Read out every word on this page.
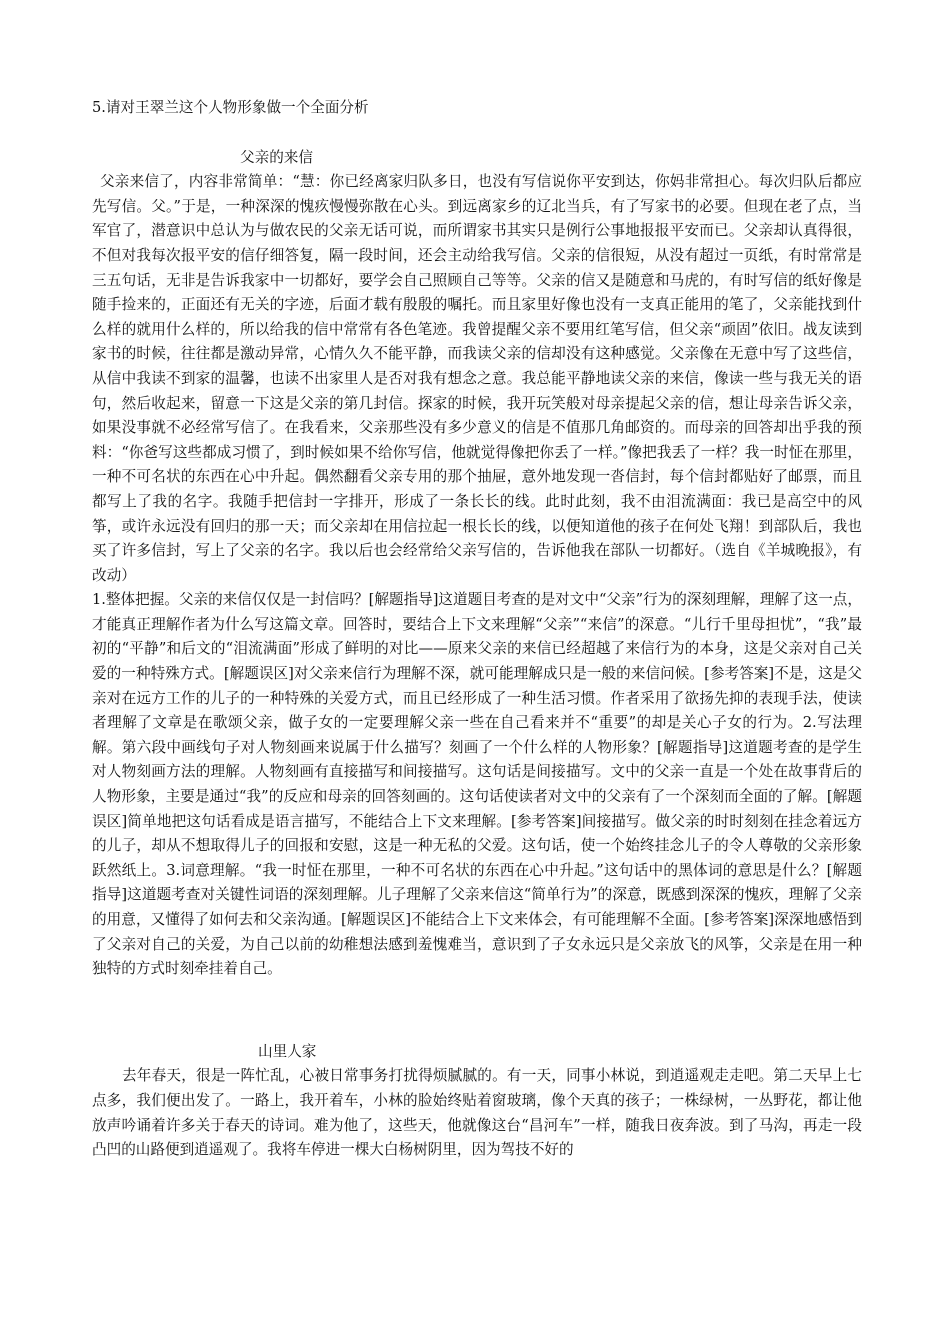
5.请对王翠兰这个人物形象做一个全面分析

父亲的来信

父亲来信了，内容非常简单：“慧：你已经离家归队多日，也没有写信说你平安到达，你妈非常担心。每次归队后都应先写信。父。”于是，一种深深的愧疚慢慢弥散在心头。到远离家乡的辽北当兵，有了写家书的必要。但现在老了点，当军官了，潜意识中总认为与做农民的父亲无话可说，而所谓家书其实只是例行公事地报报平安而已。父亲却认真得很，不但对我每次报平安的信仔细答复，隔一段时间，还会主动给我写信。父亲的信很短，从没有超过一页纸，有时常常是三五句话，无非是告诉我家中一切都好，要学会自己照顾自己等等。父亲的信又是随意和马虎的，有时写信的纸好像是随手捡来的，正面还有无关的字迹，后面才载有殷殷的嘱托。而且家里好像也没有一支真正能用的笔了，父亲能找到什么样的就用什么样的，所以给我的信中常常有各色笔迹。我曾提醒父亲不要用红笔写信，但父亲“顽固”依旧。战友读到家书的时候，往往都是激动异常，心情久久不能平静，而我读父亲的信却没有这种感觉。父亲像在无意中写了这些信，从信中我读不到家的温馨，也读不出家里人是否对我有想念之意。我总能平静地读父亲的来信，像读一些与我无关的语句，然后收起来，留意一下这是父亲的第几封信。探家的时候，我开玩笑般对母亲提起父亲的信，想让母亲告诉父亲，如果没事就不必经常写信了。在我看来，父亲那些没有多少意义的信是不值那几角邮资的。而母亲的回答却出乎我的预料：“你爸写这些都成习惯了，到时候如果不给你写信，他就觉得像把你丢了一样。”像把我丢了一样？我一时怔在那里，一种不可名状的东西在心中升起。偶然翻看父亲专用的那个抽屉，意外地发现一沓信封，每个信封都贴好了邮票，而且都写上了我的名字。我随手把信封一字排开，形成了一条长长的线。此时此刻，我不由泪流满面：我已是高空中的风筝，或许永远没有回归的那一天；而父亲却在用信拉起一根长长的线，以便知道他的孩子在何处飞翔！到部队后，我也买了许多信封，写上了父亲的名字。我以后也会经常给父亲写信的，告诉他我在部队一切都好。（选自《羊城晚报》，有改动）

1.整体把握。父亲的来信仅仅是一封信吗？[解题指导]这道题目考查的是对文中“父亲”行为的深刻理解，理解了这一点，才能真正理解作者为什么写这篇文章。回答时，要结合上下文来理解“父亲”“来信”的深意。“儿行千里母担忧”，“我”最初的“平静”和后文的“泪流满面”形成了鲜明的对比——原来父亲的来信已经超越了来信行为的本身，这是父亲对自己关爱的一种特殊方式。[解题误区]对父亲来信行为理解不深，就可能理解成只是一般的来信问候。[参考答案]不是，这是父亲对在远方工作的儿子的一种特殊的关爱方式，而且已经形成了一种生活习惯。作者采用了欲扬先抑的表现手法，使读者理解了文章是在歌颂父亲，做子女的一定要理解父亲一些在自己看来并不“重要”的却是关心子女的行为。2.写法理解。第六段中画线句子对人物刻画来说属于什么描写？刻画了一个什么样的人物形象？[解题指导]这道题考查的是学生对人物刻画方法的理解。人物刻画有直接描写和间接描写。这句话是间接描写。文中的父亲一直是一个处在故事背后的人物形象，主要是通过“我”的反应和母亲的回答刻画的。这句话使读者对文中的父亲有了一个深刻而全面的了解。[解题误区]简单地把这句话看成是语言描写，不能结合上下文来理解。[参考答案]间接描写。做父亲的时时刻刻在挂念着远方的儿子，却从不想取得儿子的回报和安慰，这是一种无私的父爱。这句话，使一个始终挂念儿子的令人尊敬的父亲形象跃然纸上。3.词意理解。“我一时怔在那里，一种不可名状的东西在心中升起。”这句话中的黑体词的意思是什么？[解题指导]这道题考查对关键性词语的深刻理解。儿子理解了父亲来信这“简单行为”的深意，既感到深深的愧疚，理解了父亲的用意，又懂得了如何去和父亲沟通。[解题误区]不能结合上下文来体会，有可能理解不全面。[参考答案]深深地感悟到了父亲对自己的关爱，为自己以前的幼稚想法感到羞愧难当，意识到了子女永远只是父亲放飞的风筝，父亲是在用一种独特的方式时刻牵挂着自己。

山里人家

去年春天，很是一阵忙乱，心被日常事务打扰得烦腻腻的。有一天，同事小林说，到逍遥观走走吧。第二天早上七点多，我们便出发了。一路上，我开着车，小林的脸始终贴着窗玻璃，像个天真的孩子；一株绿树，一丛野花，都让他放声吟诵着许多关于春天的诗词。难为他了，这些天，他就像这台“昌河车”一样，随我日夜奔波。到了马沟，再走一段凸凹的山路便到逍遥观了。我将车停进一棵大白杨树阴里，因为驾技不好的
